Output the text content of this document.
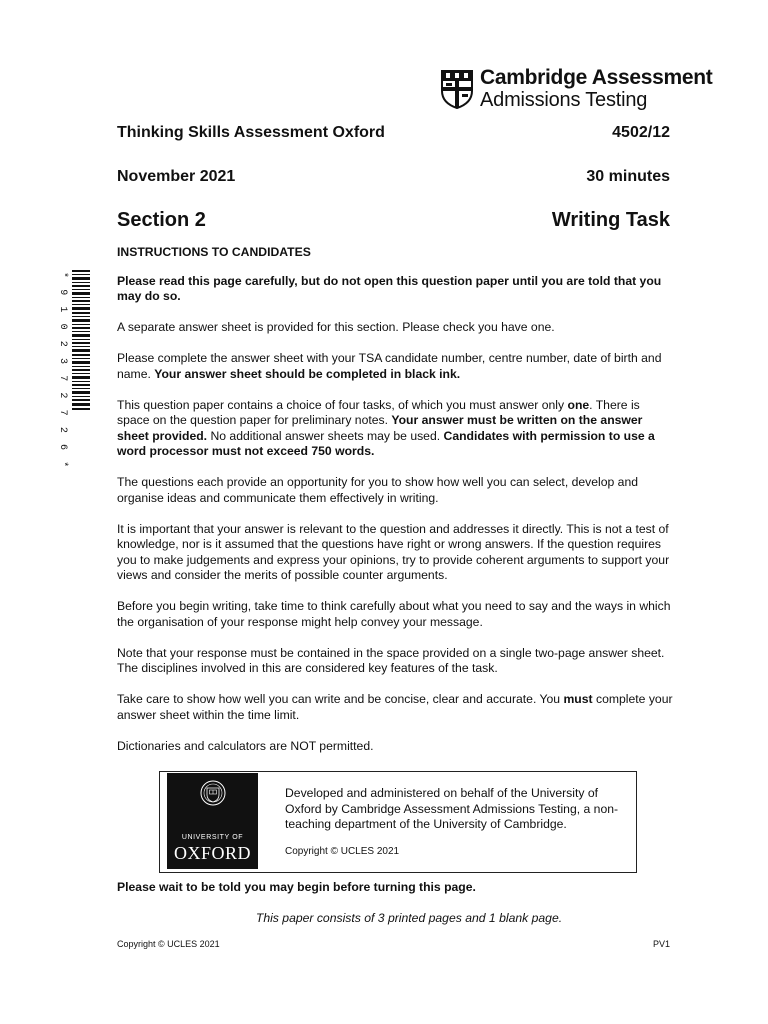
Cambridge Assessment
Admissions Testing
Thinking Skills Assessment Oxford	4502/12
November 2021	30 minutes
Section 2	Writing Task
* 9 1 0 2 3 7 2 7 2 6 *

INSTRUCTIONS TO CANDIDATES

Please read this page carefully, but do not open this question paper until you are told that you may do so.

A separate answer sheet is provided for this section. Please check you have one.

Please complete the answer sheet with your TSA candidate number, centre number, date of birth and name. Your answer sheet should be completed in black ink.

This question paper contains a choice of four tasks, of which you must answer only one. There is space on the question paper for preliminary notes. Your answer must be written on the answer sheet provided. No additional answer sheets may be used. Candidates with permission to use a word processor must not exceed 750 words.

The questions each provide an opportunity for you to show how well you can select, develop and organise ideas and communicate them effectively in writing.

It is important that your answer is relevant to the question and addresses it directly. This is not a test of knowledge, nor is it assumed that the questions have right or wrong answers. If the question requires you to make judgements and express your opinions, try to provide coherent arguments to support your views and consider the merits of possible counter arguments.

Before you begin writing, take time to think carefully about what you need to say and the ways in which the organisation of your response might help convey your message.

Note that your response must be contained in the space provided on a single two-page answer sheet. The disciplines involved in this are considered key features of the task.

Take care to show how well you can write and be concise, clear and accurate. You must complete your answer sheet within the time limit.

Dictionaries and calculators are NOT permitted.

UNIVERSITY OF
OXFORD
Developed and administered on behalf of the University of Oxford by Cambridge Assessment Admissions Testing, a non-teaching department of the University of Cambridge.
Copyright © UCLES 2021
Please wait to be told you may begin before turning this page.
This paper consists of 3 printed pages and 1 blank page.
Copyright © UCLES 2021	PV1
